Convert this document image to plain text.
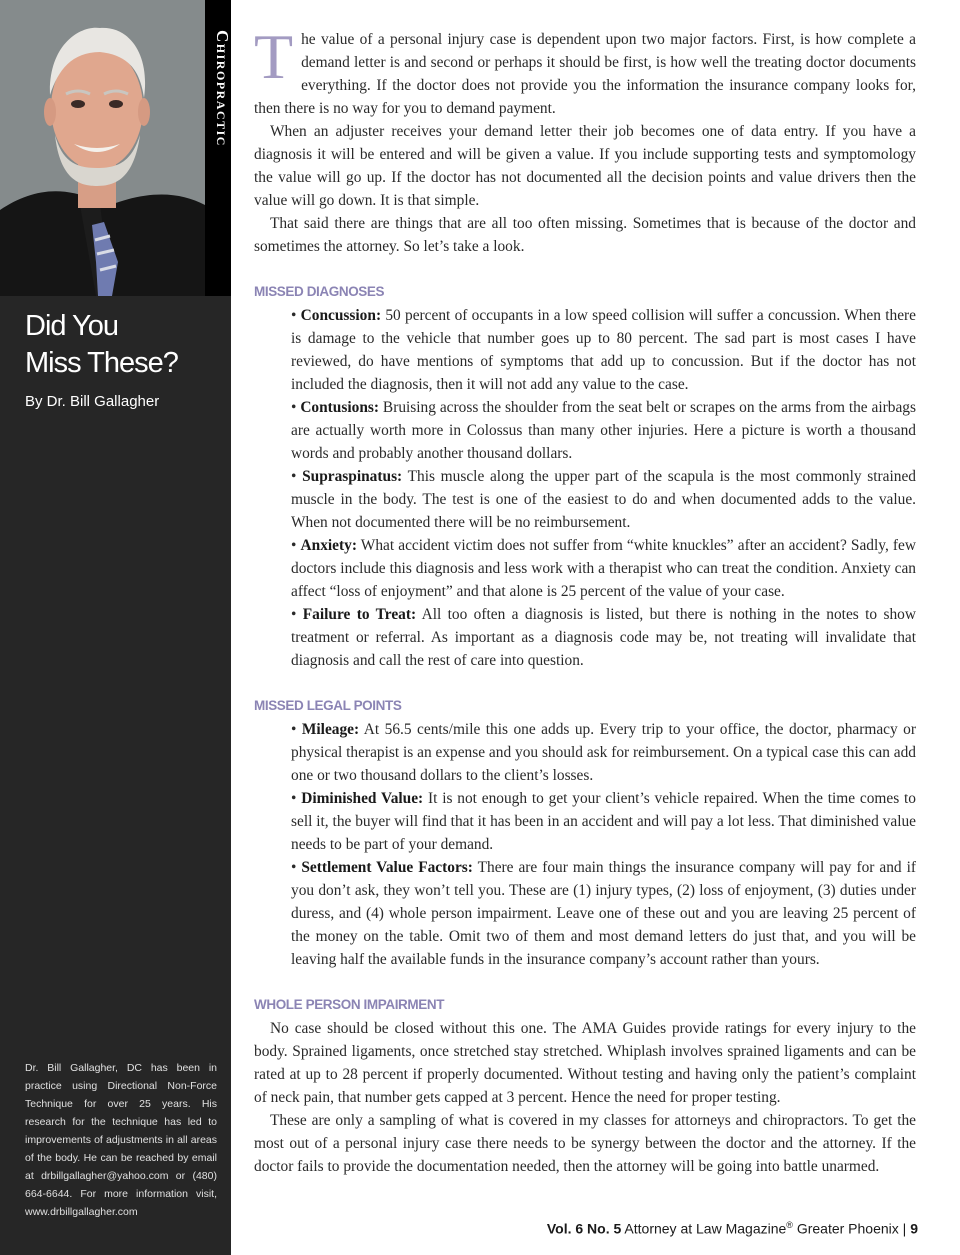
Chiropractic
Did You
Miss These?
By Dr. Bill Gallagher
Dr. Bill Gallagher, DC has been in practice using Directional Non-Force Technique for over 25 years. His research for the technique has led to improvements of adjustments in all areas of the body. He can be reached by email at drbillgallagher@yahoo.com or (480) 664-6644. For more information visit, www.drbillgallagher.com

The value of a personal injury case is dependent upon two major factors. First, is how complete a demand letter is and second or perhaps it should be first, is how well the treating doctor documents everything. If the doctor does not provide you the information the insurance company looks for, then there is no way for you to demand payment.

When an adjuster receives your demand letter their job becomes one of data entry. If you have a diagnosis it will be entered and will be given a value. If you include supporting tests and symptomology the value will go up. If the doctor has not documented all the decision points and value drivers then the value will go down. It is that simple.

That said there are things that are all too often missing. Sometimes that is because of the doctor and sometimes the attorney. So let’s take a look.

MISSED DIAGNOSES

• Concussion: 50 percent of occupants in a low speed collision will suffer a concussion. When there is damage to the vehicle that number goes up to 80 percent. The sad part is most cases I have reviewed, do have mentions of symptoms that add up to concussion. But if the doctor has not included the diagnosis, then it will not add any value to the case.

• Contusions: Bruising across the shoulder from the seat belt or scrapes on the arms from the airbags are actually worth more in Colossus than many other injuries. Here a picture is worth a thousand words and probably another thousand dollars.

• Supraspinatus: This muscle along the upper part of the scapula is the most commonly strained muscle in the body. The test is one of the easiest to do and when documented adds to the value. When not documented there will be no reimbursement.

• Anxiety: What accident victim does not suffer from “white knuckles” after an accident? Sadly, few doctors include this diagnosis and less work with a therapist who can treat the condition. Anxiety can affect “loss of enjoyment” and that alone is 25 percent of the value of your case.

• Failure to Treat: All too often a diagnosis is listed, but there is nothing in the notes to show treatment or referral. As important as a diagnosis code may be, not treating will invalidate that diagnosis and call the rest of care into question.

MISSED LEGAL POINTS

• Mileage: At 56.5 cents/mile this one adds up. Every trip to your office, the doctor, pharmacy or physical therapist is an expense and you should ask for reimbursement. On a typical case this can add one or two thousand dollars to the client’s losses.

• Diminished Value: It is not enough to get your client’s vehicle repaired. When the time comes to sell it, the buyer will find that it has been in an accident and will pay a lot less. That diminished value needs to be part of your demand.

• Settlement Value Factors: There are four main things the insurance company will pay for and if you don’t ask, they won’t tell you. These are (1) injury types, (2) loss of enjoyment, (3) duties under duress, and (4) whole person impairment. Leave one of these out and you are leaving 25 percent of the money on the table. Omit two of them and most demand letters do just that, and you will be leaving half the available funds in the insurance company’s account rather than yours.

WHOLE PERSON IMPAIRMENT

No case should be closed without this one. The AMA Guides provide ratings for every injury to the body. Sprained ligaments, once stretched stay stretched. Whiplash involves sprained ligaments and can be rated at up to 28 percent if properly documented. Without testing and having only the patient’s complaint of neck pain, that number gets capped at 3 percent. Hence the need for proper testing.

These are only a sampling of what is covered in my classes for attorneys and chiropractors. To get the most out of a personal injury case there needs to be synergy between the doctor and the attorney. If the doctor fails to provide the documentation needed, then the attorney will be going into battle unarmed.

Vol. 6 No. 5 Attorney at Law Magazine® Greater Phoenix | 9
